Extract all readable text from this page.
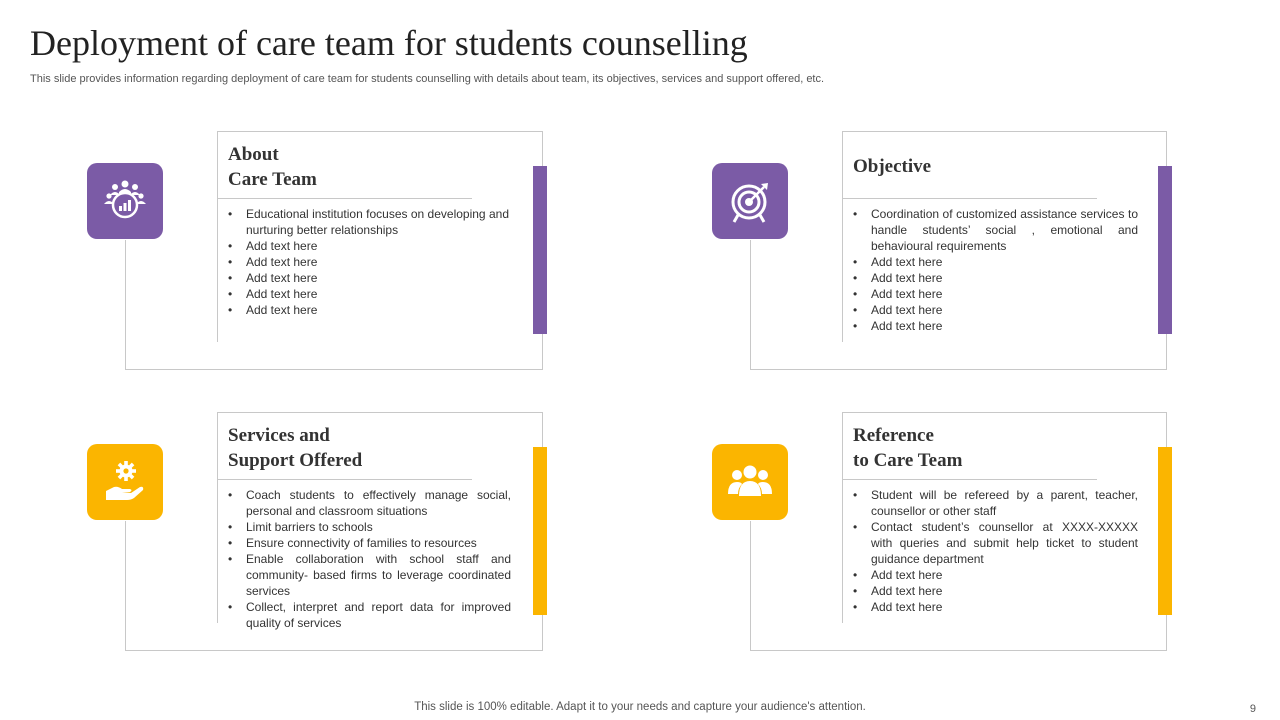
Deployment of care team for students counselling
This slide provides information regarding deployment of care team for students counselling with details about team, its objectives, services and support offered, etc.
About
Care Team
• Educational institution focuses on developing and nurturing better relationships
• Add text here
• Add text here
• Add text here
• Add text here
• Add text here
Objective
• Coordination of customized assistance services to handle students’ social , emotional and behavioural requirements
• Add text here
• Add text here
• Add text here
• Add text here
• Add text here
Services and
Support Offered
• Coach students to effectively manage social, personal and classroom situations
• Limit barriers to schools
• Ensure connectivity of families to resources
• Enable collaboration with school staff and community- based firms to leverage coordinated services
• Collect, interpret and report data for improved quality of services
Reference
to Care Team
• Student will be refereed by a parent, teacher, counsellor or other staff
• Contact student’s counsellor at XXXX-XXXXX with queries and submit help ticket to student guidance department
• Add text here
• Add text here
• Add text here
This slide is 100% editable. Adapt it to your needs and capture your audience's attention.	9
